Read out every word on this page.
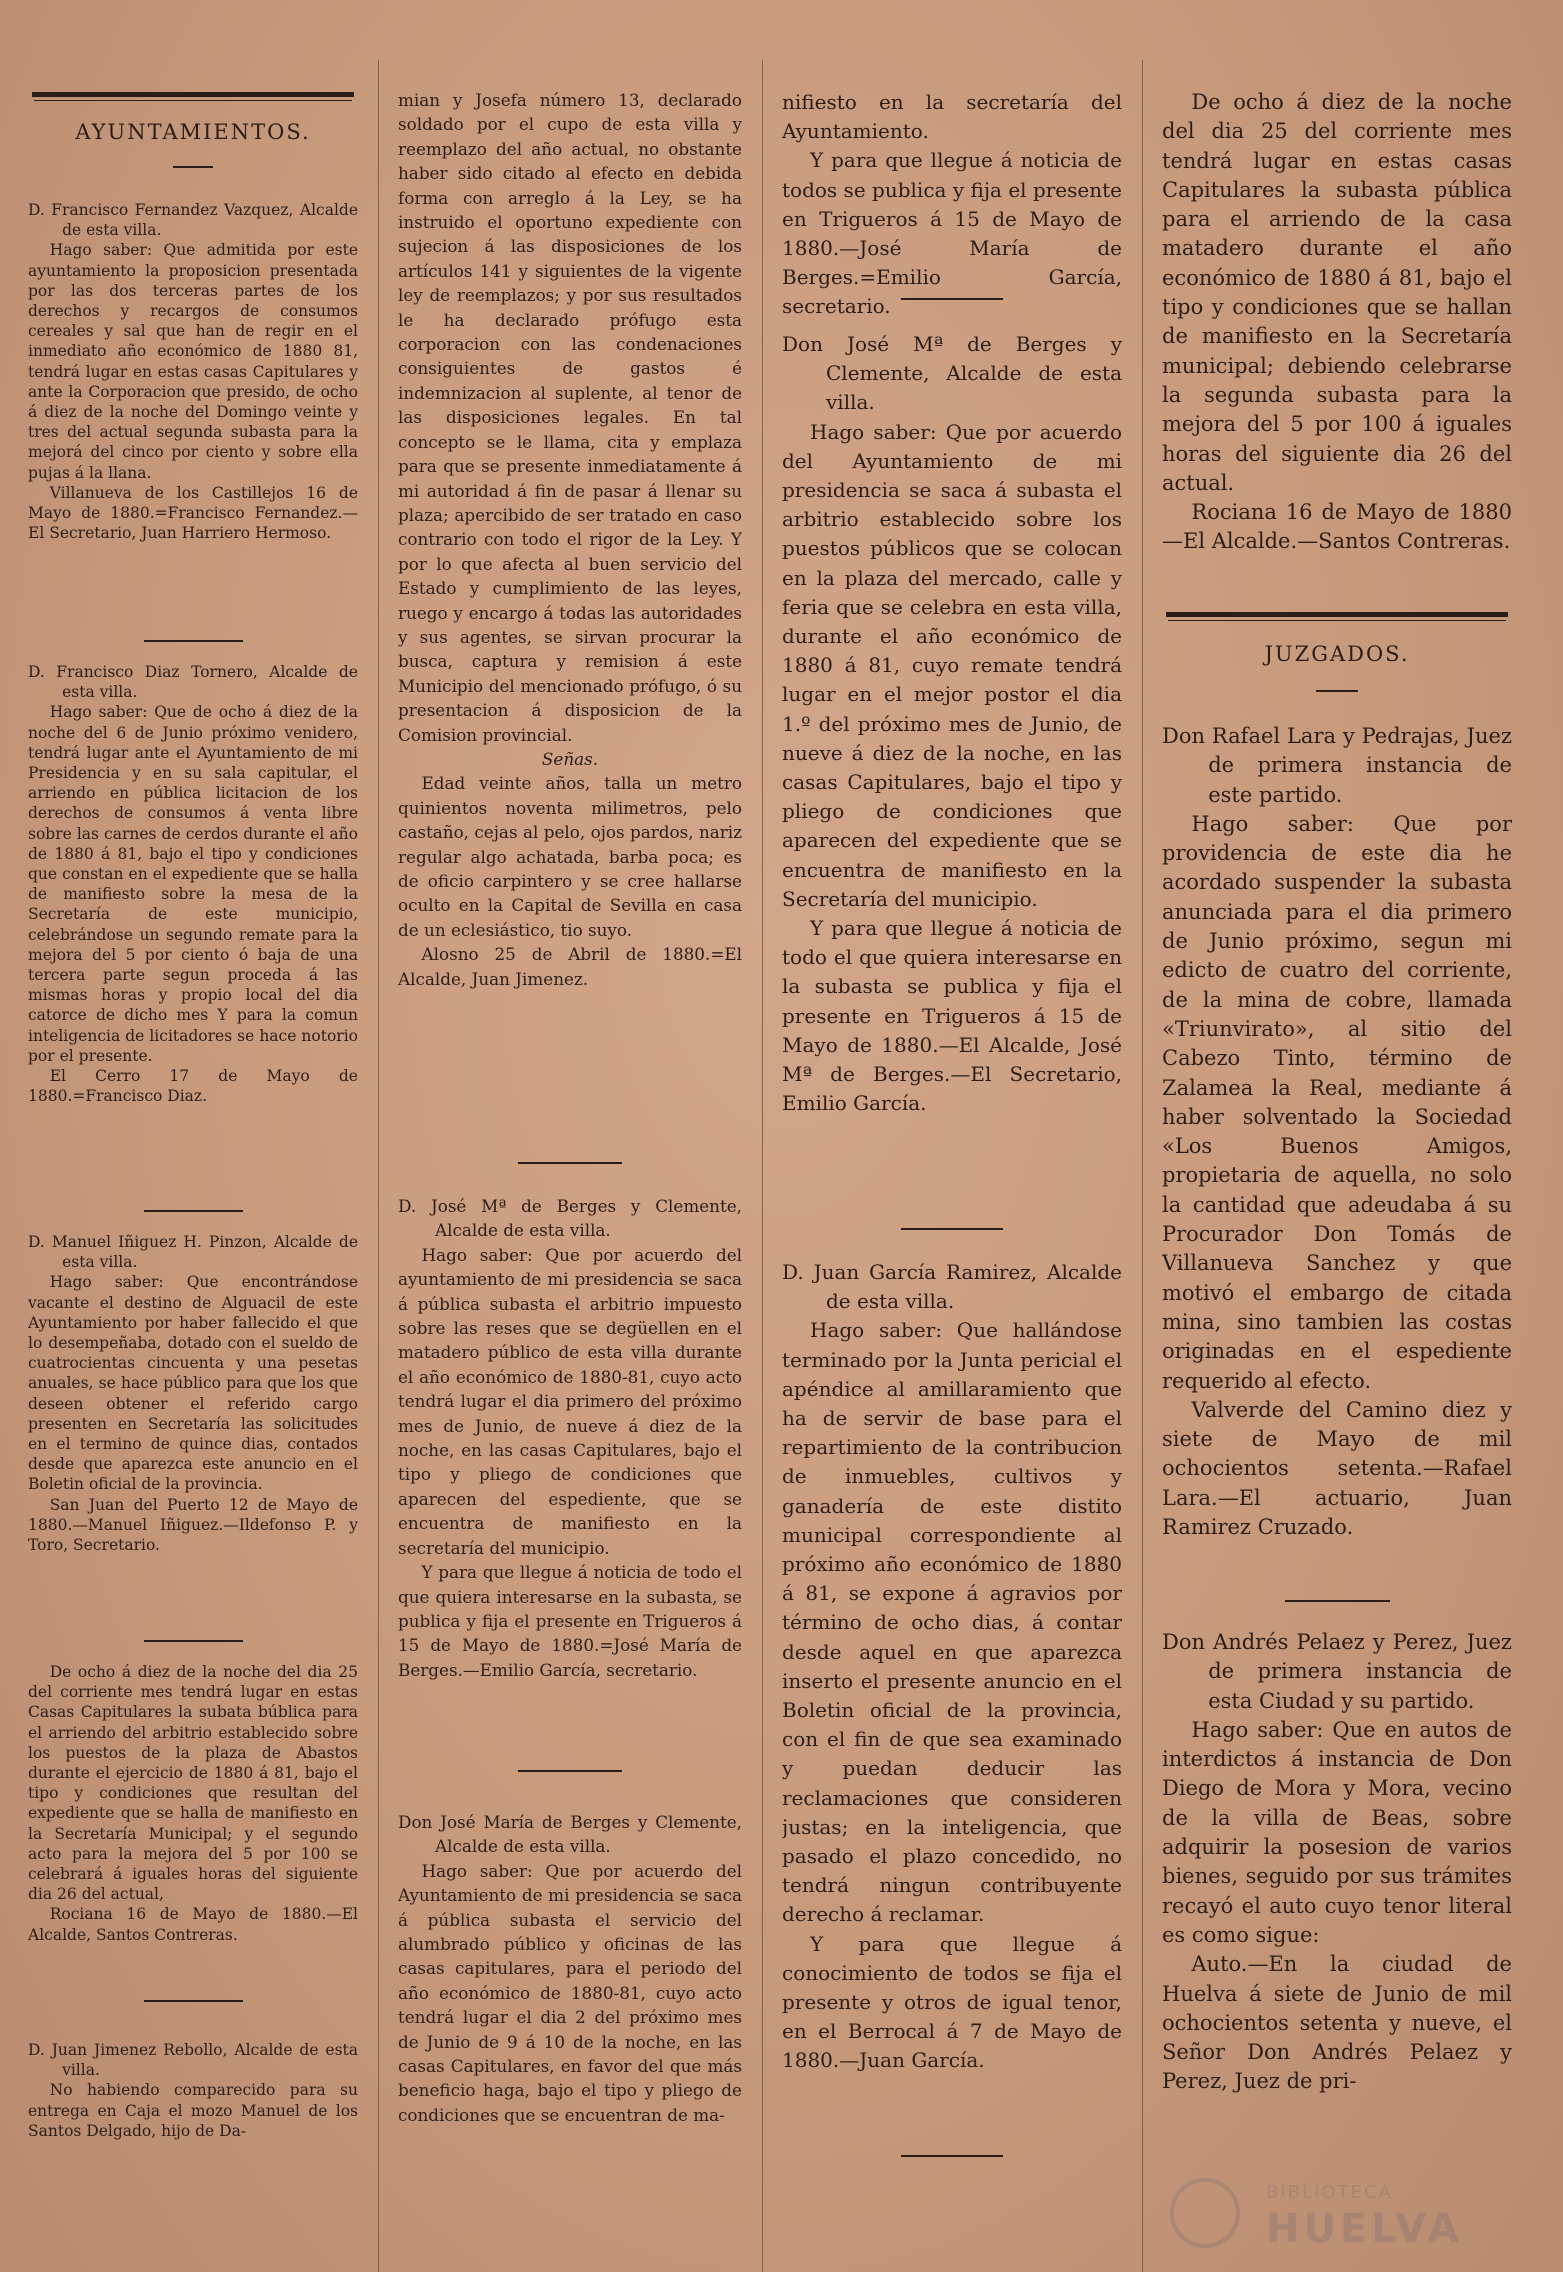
AYUNTAMIENTOS.

D. Francisco Fernandez Vazquez, Alcalde de esta villa.

Hago saber: Que admitida por este ayuntamiento la proposicion presentada por las dos terceras partes de los derechos y recargos de consumos cereales y sal que han de regir en el inmediato año económico de 1880 81, tendrá lugar en estas casas Capitulares y ante la Corporacion que presido, de ocho á diez de la noche del Domingo veinte y tres del actual segunda subasta para la mejorá del cinco por ciento y sobre ella pujas á la llana.

Villanueva de los Castillejos 16 de Mayo de 1880.=Francisco Fernandez.—El Secretario, Juan Harriero Hermoso.

D. Francisco Diaz Tornero, Alcalde de esta villa.

Hago saber: Que de ocho á diez de la noche del 6 de Junio próximo venidero, tendrá lugar ante el Ayuntamiento de mi Presidencia y en su sala capitular, el arriendo en pública licitacion de los derechos de consumos á venta libre sobre las carnes de cerdos durante el año de 1880 á 81, bajo el tipo y condiciones que constan en el expediente que se halla de manifiesto sobre la mesa de la Secretaría de este municipio, celebrándose un segundo remate para la mejora del 5 por ciento ó baja de una tercera parte segun proceda á las mismas horas y propio local del dia catorce de dicho mes Y para la comun inteligencia de licitadores se hace notorio por el presente.

El Cerro 17 de Mayo de 1880.=Francisco Diaz.

D. Manuel Iñiguez H. Pinzon, Alcalde de esta villa.

Hago saber: Que encontrándose vacante el destino de Alguacil de este Ayuntamiento por haber fallecido el que lo desempeñaba, dotado con el sueldo de cuatrocientas cincuenta y una pesetas anuales, se hace público para que los que deseen obtener el referido cargo presenten en Secretaría las solicitudes en el termino de quince dias, contados desde que aparezca este anuncio en el Boletin oficial de la provincia.

San Juan del Puerto 12 de Mayo de 1880.—Manuel Iñiguez.—Ildefonso P. y Toro, Secretario.

De ocho á diez de la noche del dia 25 del corriente mes tendrá lugar en estas Casas Capitulares la subata bública para el arriendo del arbitrio establecido sobre los puestos de la plaza de Abastos durante el ejercicio de 1880 á 81, bajo el tipo y condiciones que resultan del expediente que se halla de manifiesto en la Secretaría Municipal; y el segundo acto para la mejora del 5 por 100 se celebrará á iguales horas del siguiente dia 26 del actual,

Rociana 16 de Mayo de 1880.—El Alcalde, Santos Contreras.

D. Juan Jimenez Rebollo, Alcalde de esta villa.

No habiendo comparecido para su entrega en Caja el mozo Manuel de los Santos Delgado, hijo de Da-

mian y Josefa número 13, declarado soldado por el cupo de esta villa y reemplazo del año actual, no obstante haber sido citado al efecto en debida forma con arreglo á la Ley, se ha instruido el oportuno expediente con sujecion á las disposiciones de los artículos 141 y siguientes de la vigente ley de reemplazos; y por sus resultados le ha declarado prófugo esta corporacion con las condenaciones consiguientes de gastos é indemnizacion al suplente, al tenor de las disposiciones legales. En tal concepto se le llama, cita y emplaza para que se presente inmediatamente á mi autoridad á fin de pasar á llenar su plaza; apercibido de ser tratado en caso contrario con todo el rigor de la Ley. Y por lo que afecta al buen servicio del Estado y cumplimiento de las leyes, ruego y encargo á todas las autoridades y sus agentes, se sirvan procurar la busca, captura y remision á este Municipio del mencionado prófugo, ó su presentacion á disposicion de la Comision provincial.

Señas.

Edad veinte años, talla un metro quinientos noventa milimetros, pelo castaño, cejas al pelo, ojos pardos, nariz regular algo achatada, barba poca; es de oficio carpintero y se cree hallarse oculto en la Capital de Sevilla en casa de un eclesiástico, tio suyo.

Alosno 25 de Abril de 1880.=El Alcalde, Juan Jimenez.

D. José Mª de Berges y Clemente, Alcalde de esta villa.

Hago saber: Que por acuerdo del ayuntamiento de mi presidencia se saca á pública subasta el arbitrio impuesto sobre las reses que se degüellen en el matadero público de esta villa durante el año económico de 1880-81, cuyo acto tendrá lugar el dia primero del próximo mes de Junio, de nueve á diez de la noche, en las casas Capitulares, bajo el tipo y pliego de condiciones que aparecen del espediente, que se encuentra de manifiesto en la secretaría del municipio.

Y para que llegue á noticia de todo el que quiera interesarse en la subasta, se publica y fija el presente en Trigueros á 15 de Mayo de 1880.=José María de Berges.—Emilio García, secretario.

Don José María de Berges y Clemente, Alcalde de esta villa.

Hago saber: Que por acuerdo del Ayuntamiento de mi presidencia se saca á pública subasta el servicio del alumbrado público y oficinas de las casas capitulares, para el periodo del año económico de 1880-81, cuyo acto tendrá lugar el dia 2 del próximo mes de Junio de 9 á 10 de la noche, en las casas Capitulares, en favor del que más beneficio haga, bajo el tipo y pliego de condiciones que se encuentran de ma-

nifiesto en la secretaría del Ayuntamiento.

Y para que llegue á noticia de todos se publica y fija el presente en Trigueros á 15 de Mayo de 1880.—José María de Berges.=Emilio García, secretario.

Don José Mª de Berges y Clemente, Alcalde de esta villa.

Hago saber: Que por acuerdo del Ayuntamiento de mi presidencia se saca á subasta el arbitrio establecido sobre los puestos públicos que se colocan en la plaza del mercado, calle y feria que se celebra en esta villa, durante el año económico de 1880 á 81, cuyo remate tendrá lugar en el mejor postor el dia 1.º del próximo mes de Junio, de nueve á diez de la noche, en las casas Capitulares, bajo el tipo y pliego de condiciones que aparecen del expediente que se encuentra de manifiesto en la Secretaría del municipio.

Y para que llegue á noticia de todo el que quiera interesarse en la subasta se publica y fija el presente en Trigueros á 15 de Mayo de 1880.—El Alcalde, José Mª de Berges.—El Secretario, Emilio García.

D. Juan García Ramirez, Alcalde de esta villa.

Hago saber: Que hallándose terminado por la Junta pericial el apéndice al amillaramiento que ha de servir de base para el repartimiento de la contribucion de inmuebles, cultivos y ganadería de este distito municipal correspondiente al próximo año económico de 1880 á 81, se expone á agravios por término de ocho dias, á contar desde aquel en que aparezca inserto el presente anuncio en el Boletin oficial de la provincia, con el fin de que sea examinado y puedan deducir las reclamaciones que consideren justas; en la inteligencia, que pasado el plazo concedido, no tendrá ningun contribuyente derecho á reclamar.

Y para que llegue á conocimiento de todos se fija el presente y otros de igual tenor, en el Berrocal á 7 de Mayo de 1880.—Juan García.

De ocho á diez de la noche del dia 25 del corriente mes tendrá lugar en estas casas Capitulares la subasta pública para el arriendo de la casa matadero durante el año económico de 1880 á 81, bajo el tipo y condiciones que se hallan de manifiesto en la Secretaría municipal; debiendo celebrarse la segunda subasta para la mejora del 5 por 100 á iguales horas del siguiente dia 26 del actual.

Rociana 16 de Mayo de 1880 —El Alcalde.—Santos Contreras.

JUZGADOS.

Don Rafael Lara y Pedrajas, Juez de primera instancia de este partido.

Hago saber: Que por providencia de este dia he acordado suspender la subasta anunciada para el dia primero de Junio próximo, segun mi edicto de cuatro del corriente, de la mina de cobre, llamada «Triunvirato», al sitio del Cabezo Tinto, término de Zalamea la Real, mediante á haber solventado la Sociedad «Los Buenos Amigos, propietaria de aquella, no solo la cantidad que adeudaba á su Procurador Don Tomás de Villanueva Sanchez y que motivó el embargo de citada mina, sino tambien las costas originadas en el espediente requerido al efecto.

Valverde del Camino diez y siete de Mayo de mil ochocientos setenta.—Rafael Lara.—El actuario, Juan Ramirez Cruzado.

Don Andrés Pelaez y Perez, Juez de primera instancia de esta Ciudad y su partido.

Hago saber: Que en autos de interdictos á instancia de Don Diego de Mora y Mora, vecino de la villa de Beas, sobre adquirir la posesion de varios bienes, seguido por sus trámites recayó el auto cuyo tenor literal es como sigue:

Auto.—En la ciudad de Huelva á siete de Junio de mil ochocientos setenta y nueve, el Señor Don Andrés Pelaez y Perez, Juez de pri-

BIBLIOTECA
HUELVA
